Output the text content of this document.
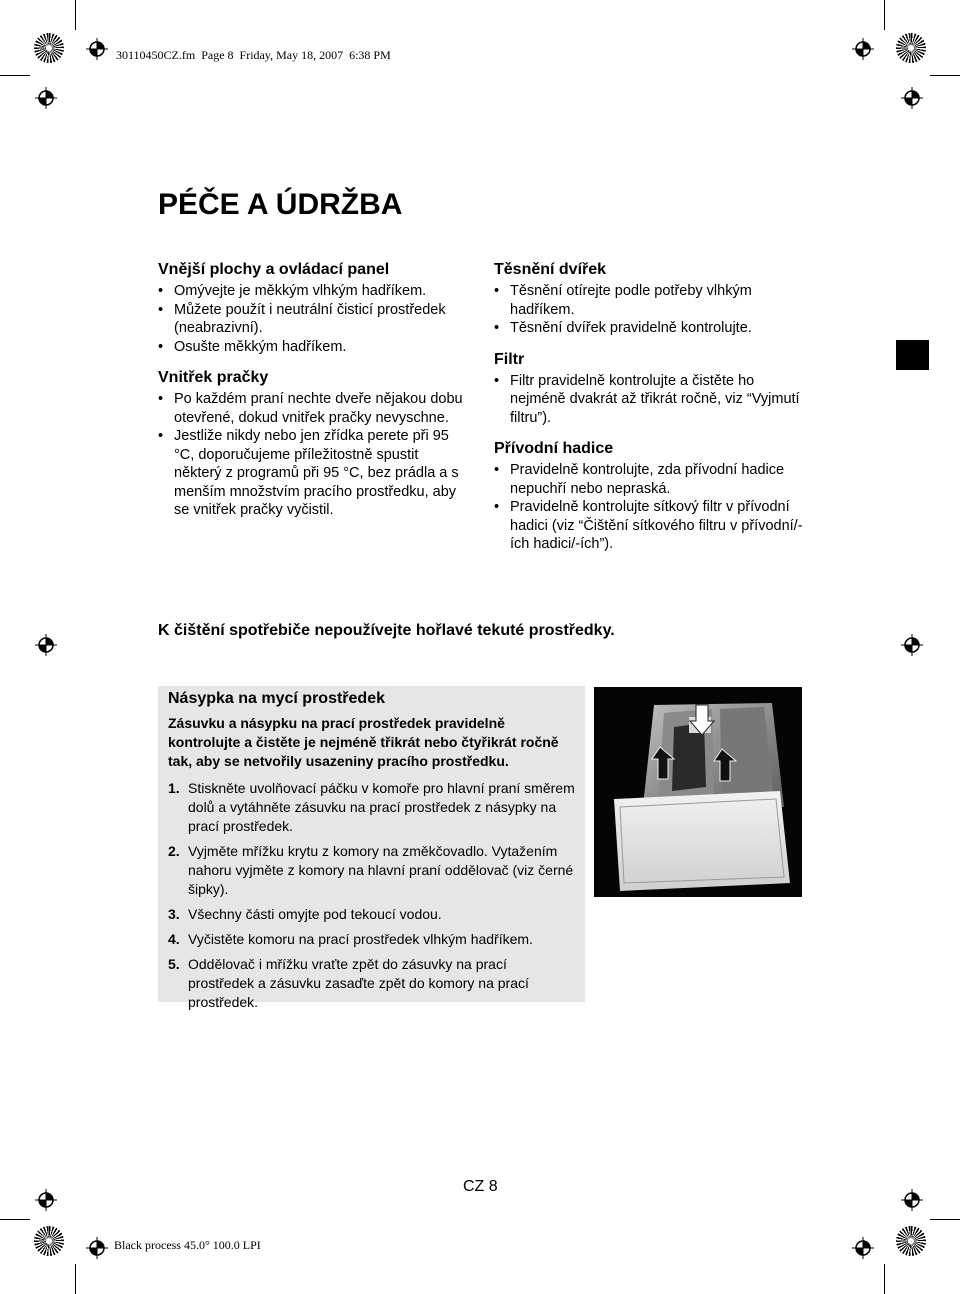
30110450CZ.fm  Page 8  Friday, May 18, 2007  6:38 PM
Black process 45.0° 100.0 LPI
PÉČE A ÚDRŽBA
Vnější plochy a ovládací panel
• Omývejte je měkkým vlhkým hadříkem.
• Můžete použít i neutrální čisticí prostředek (neabrazivní).
• Osušte měkkým hadříkem.
Vnitřek pračky
• Po každém praní nechte dveře nějakou dobu otevřené, dokud vnitřek pračky nevyschne.
• Jestliže nikdy nebo jen zřídka perete při 95 °C, doporučujeme příležitostně spustit některý z programů při 95 °C, bez prádla a s menším množstvím pracího prostředku, aby se vnitřek pračky vyčistil.
Těsnění dvířek
• Těsnění otírejte podle potřeby vlhkým hadříkem.
• Těsnění dvířek pravidelně kontrolujte.
Filtr
• Filtr pravidelně kontrolujte a čistěte ho nejméně dvakrát až třikrát ročně, viz “Vyjmutí filtru”).
Přívodní hadice
• Pravidelně kontrolujte, zda přívodní hadice nepuchří nebo nepraská.
• Pravidelně kontrolujte sítkový filtr v přívodní hadici (viz “Čištění sítkového filtru v přívodní/-ích hadici/-ích”).

K čištění spotřebiče nepoužívejte hořlavé tekuté prostředky.

Násypka na mycí prostředek

Zásuvku a násypku na prací prostředek pravidelně kontrolujte a čistěte je nejméně třikrát nebo čtyřikrát ročně tak, aby se netvořily usazeniny pracího prostředku.

1. Stiskněte uvolňovací páčku v komoře pro hlavní praní směrem dolů a vytáhněte zásuvku na prací prostředek z násypky na prací prostředek.
2. Vyjměte mřížku krytu z komory na změkčovadlo. Vytažením nahoru vyjměte z komory na hlavní praní oddělovač (viz černé šipky).
3. Všechny části omyjte pod tekoucí vodou.
4. Vyčistěte komoru na prací prostředek vlhkým hadříkem.
5. Oddělovač i mřížku vraťte zpět do zásuvky na prací prostředek a zásuvku zasaďte zpět do komory na prací prostředek.
CZ 8
